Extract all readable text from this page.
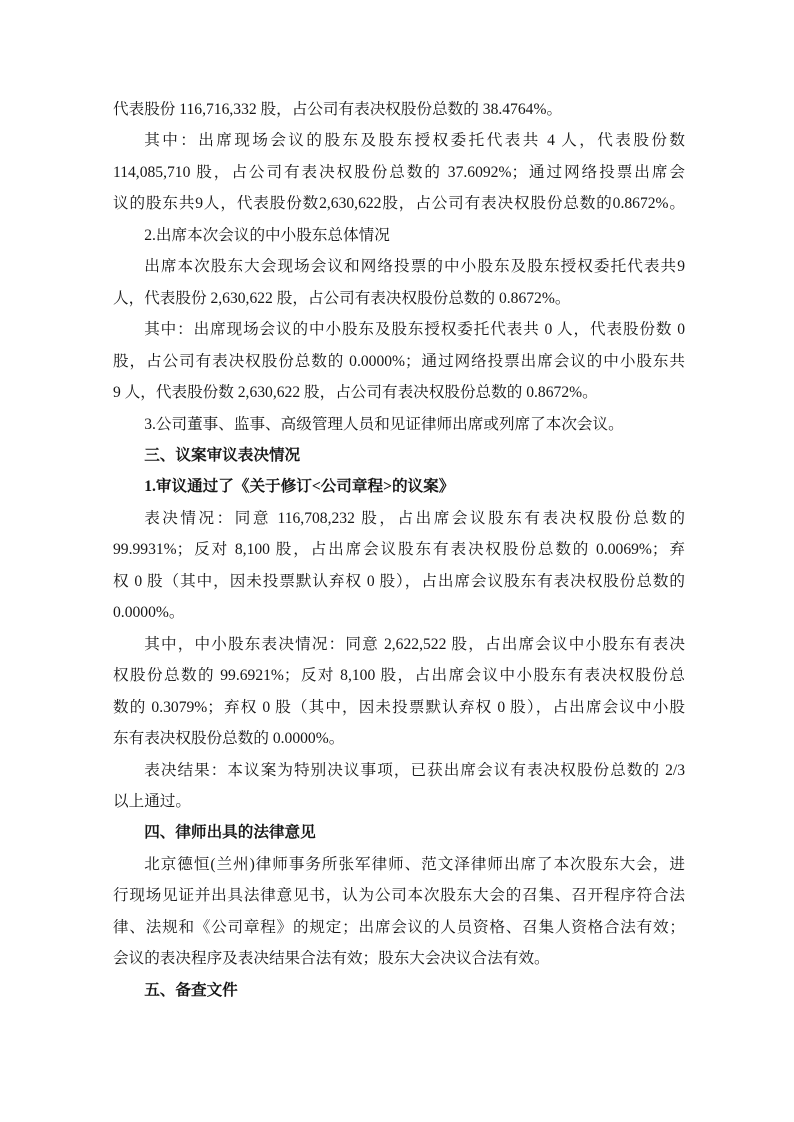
代表股份 116,716,332 股，占公司有表决权股份总数的 38.4764%。
其中：出席现场会议的股东及股东授权委托代表共 4 人，代表股份数
114,085,710 股，占公司有表决权股份总数的 37.6092%；通过网络投票出席会
议的股东共9人，代表股份数2,630,622股，占公司有表决权股份总数的0.8672%。
2.出席本次会议的中小股东总体情况
出席本次股东大会现场会议和网络投票的中小股东及股东授权委托代表共9
人，代表股份 2,630,622 股，占公司有表决权股份总数的 0.8672%。
其中：出席现场会议的中小股东及股东授权委托代表共 0 人，代表股份数 0
股，占公司有表决权股份总数的 0.0000%；通过网络投票出席会议的中小股东共
9 人，代表股份数 2,630,622 股，占公司有表决权股份总数的 0.8672%。
3.公司董事、监事、高级管理人员和见证律师出席或列席了本次会议。
三、议案审议表决情况
1.审议通过了《关于修订<公司章程>的议案》
表决情况：同意 116,708,232 股，占出席会议股东有表决权股份总数的
99.9931%；反对 8,100 股，占出席会议股东有表决权股份总数的 0.0069%；弃
权 0 股（其中，因未投票默认弃权 0 股），占出席会议股东有表决权股份总数的
0.0000%。
其中，中小股东表决情况：同意 2,622,522 股，占出席会议中小股东有表决
权股份总数的 99.6921%；反对 8,100 股，占出席会议中小股东有表决权股份总
数的 0.3079%；弃权 0 股（其中，因未投票默认弃权 0 股），占出席会议中小股
东有表决权股份总数的 0.0000%。
表决结果：本议案为特别决议事项，已获出席会议有表决权股份总数的 2/3
以上通过。
四、律师出具的法律意见
北京德恒(兰州)律师事务所张军律师、范文泽律师出席了本次股东大会，进
行现场见证并出具法律意见书，认为公司本次股东大会的召集、召开程序符合法
律、法规和《公司章程》的规定；出席会议的人员资格、召集人资格合法有效；
会议的表决程序及表决结果合法有效；股东大会决议合法有效。
五、备查文件
